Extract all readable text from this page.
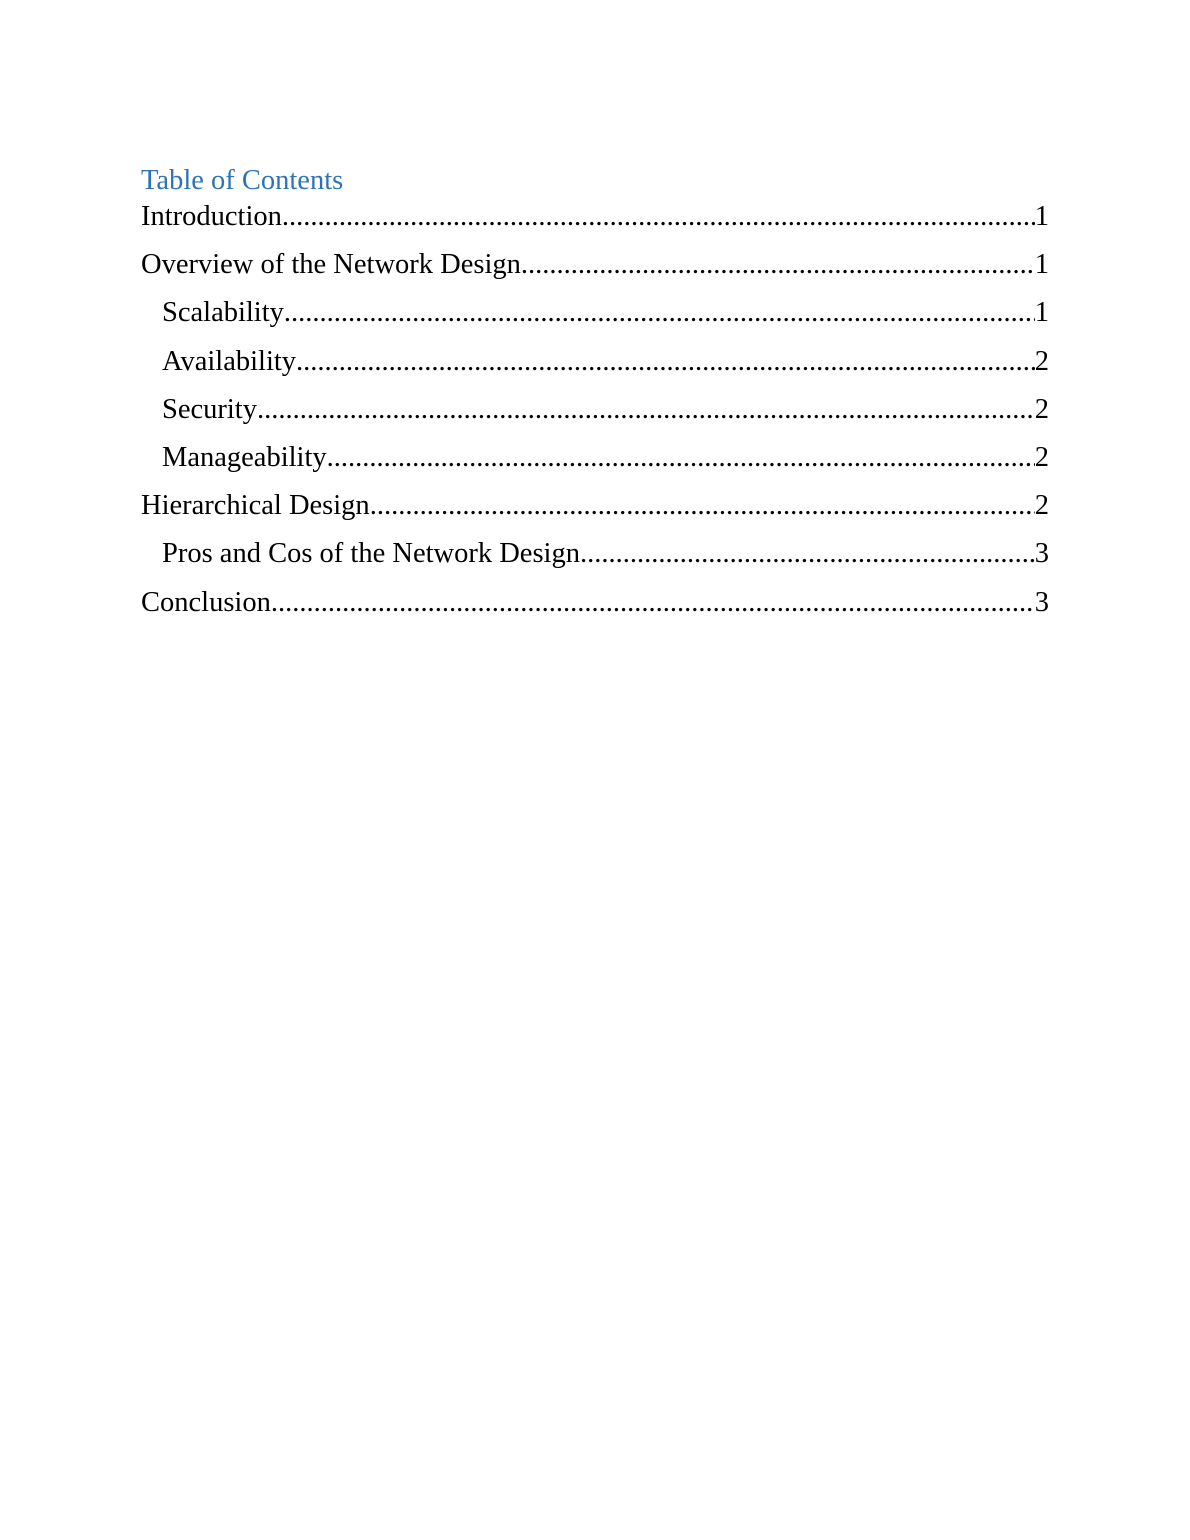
Table of Contents
Introduction .....	1
Overview of the Network Design .....	1
Scalability .....	1
Availability .....	2
Security .....	2
Manageability .....	2
Hierarchical Design .....	2
Pros and Cos of the Network Design .....	3
Conclusion .....	3
